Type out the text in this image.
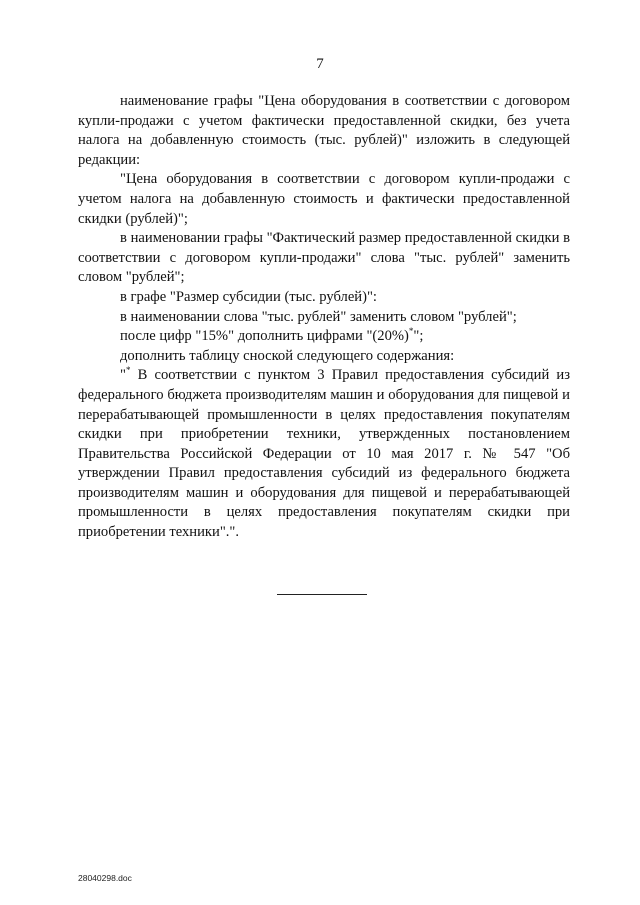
7

наименование графы "Цена оборудования в соответствии с договором купли-продажи с учетом фактически предоставленной скидки, без учета налога на добавленную стоимость (тыс. рублей)" изложить в следующей редакции:

"Цена оборудования в соответствии с договором купли-продажи с учетом налога на добавленную стоимость и фактически предоставленной скидки (рублей)";

в наименовании графы "Фактический размер предоставленной скидки в соответствии с договором купли-продажи" слова "тыс. рублей" заменить словом "рублей";

в графе "Размер субсидии (тыс. рублей)":

в наименовании слова "тыс. рублей" заменить словом "рублей";

после цифр "15%" дополнить цифрами "(20%)*";

дополнить таблицу сноской следующего содержания:

"* В соответствии с пунктом 3 Правил предоставления субсидий из федерального бюджета производителям машин и оборудования для пищевой и перерабатывающей промышленности в целях предоставления покупателям скидки при приобретении техники, утвержденных постановлением Правительства Российской Федерации от 10 мая 2017 г. № 547 "Об утверждении Правил предоставления субсидий из федерального бюджета производителям машин и оборудования для пищевой и перерабатывающей промышленности в целях предоставления покупателям скидки при приобретении техники".".

28040298.doc
